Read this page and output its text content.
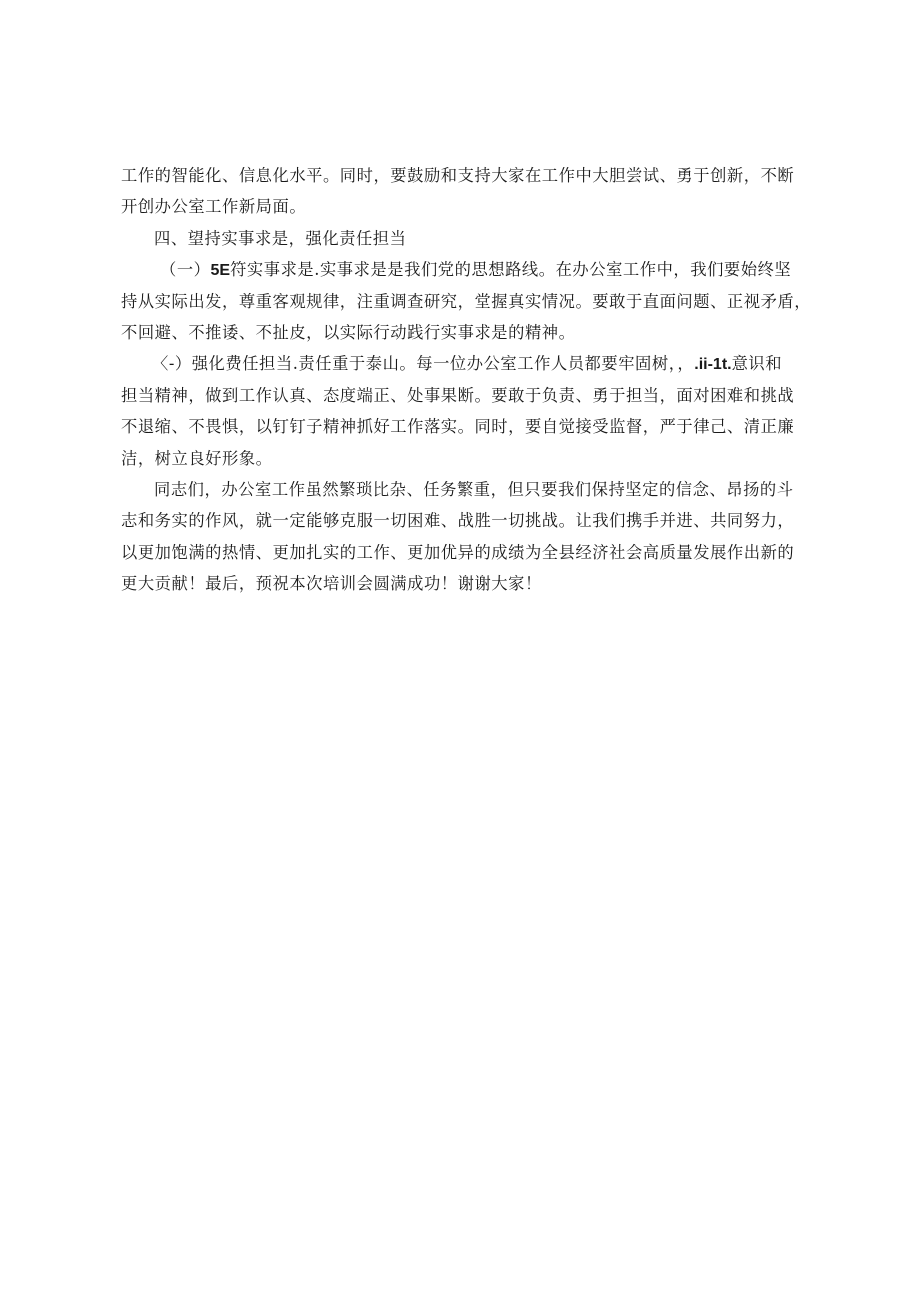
工作的智能化、信息化水平。同时，要鼓励和支持大家在工作中大胆尝试、勇于创新，不断
开创办公室工作新局面。
四、望持实事求是，强化责任担当
（一）5E符实事求是.实事求是是我们党的思想路线。在办公室工作中，我们要始终坚
持从实际出发，尊重客观规律，注重调查研究，堂握真实情况。要敢于直面问题、正视矛盾，
不回避、不推诿、不扯皮，以实际行动践行实事求是的精神。
〈-）强化费任担当.责任重于泰山。每一位办公室工作人员都要牢固树，，.ii-1t.意识和
担当精神，做到工作认真、态度端正、处事果断。要敢于负责、勇于担当，面对困难和挑战
不退缩、不畏惧，以钉钉子精神抓好工作落实。同时，要自觉接受监督，严于律己、清正廉
洁，树立良好形象。
同志们，办公室工作虽然繁琐比杂、任务繁重，但只要我们保持坚定的信念、昂扬的斗
志和务实的作风，就一定能够克服一切困难、战胜一切挑战。让我们携手并进、共同努力，
以更加饱满的热情、更加扎实的工作、更加优异的成绩为全县经济社会高质量发展作出新的
更大贡献！最后，预祝本次培训会圆满成功！谢谢大家！
